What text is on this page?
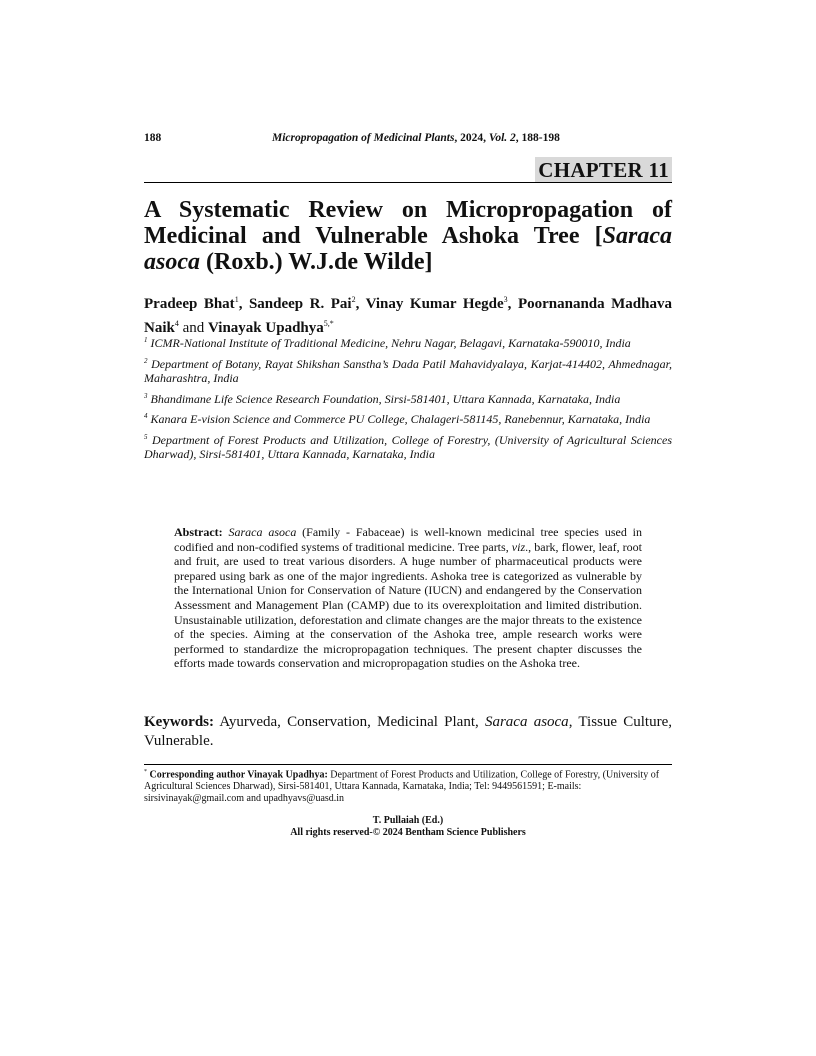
188	Micropropagation of Medicinal Plants, 2024, Vol. 2, 188-198
CHAPTER 11
A Systematic Review on Micropropagation of Medicinal and Vulnerable Ashoka Tree [Saraca asoca (Roxb.) W.J.de Wilde]
Pradeep Bhat$^1$, Sandeep R. Pai$^2$, Vinay Kumar Hegde$^3$, Poornananda Madhava Naik$^4$ and Vinayak Upadhya$^{5,*}$
$^1$ ICMR-National Institute of Traditional Medicine, Nehru Nagar, Belagavi, Karnataka-590010, India
$^2$ Department of Botany, Rayat Shikshan Sanstha’s Dada Patil Mahavidyalaya, Karjat-414402, Ahmednagar, Maharashtra, India
$^3$ Bhandimane Life Science Research Foundation, Sirsi-581401, Uttara Kannada, Karnataka, India
$^4$ Kanara E-vision Science and Commerce PU College, Chalageri-581145, Ranebennur, Karnataka, India
$^5$ Department of Forest Products and Utilization, College of Forestry, (University of Agricultural Sciences Dharwad), Sirsi-581401, Uttara Kannada, Karnataka, India
Abstract: Saraca asoca (Family - Fabaceae) is well-known medicinal tree species used in codified and non-codified systems of traditional medicine. Tree parts, viz., bark, flower, leaf, root and fruit, are used to treat various disorders. A huge number of pharmaceutical products were prepared using bark as one of the major ingredients. Ashoka tree is categorized as vulnerable by the International Union for Conservation of Nature (IUCN) and endangered by the Conservation Assessment and Management Plan (CAMP) due to its overexploitation and limited distribution. Unsustainable utilization, deforestation and climate changes are the major threats to the existence of the species. Aiming at the conservation of the Ashoka tree, ample research works were performed to standardize the micropropagation techniques. The present chapter discusses the efforts made towards conservation and micropropagation studies on the Ashoka tree.
Keywords: Ayurveda, Conservation, Medicinal Plant, Saraca asoca, Tissue Culture, Vulnerable.
* Corresponding author Vinayak Upadhya: Department of Forest Products and Utilization, College of Forestry, (University of Agricultural Sciences Dharwad), Sirsi-581401, Uttara Kannada, Karnataka, India; Tel: 9449561591; E-mails: sirsivinayak@gmail.com and upadhyavs@uasd.in
T. Pullaiah (Ed.)
All rights reserved-© 2024 Bentham Science Publishers
